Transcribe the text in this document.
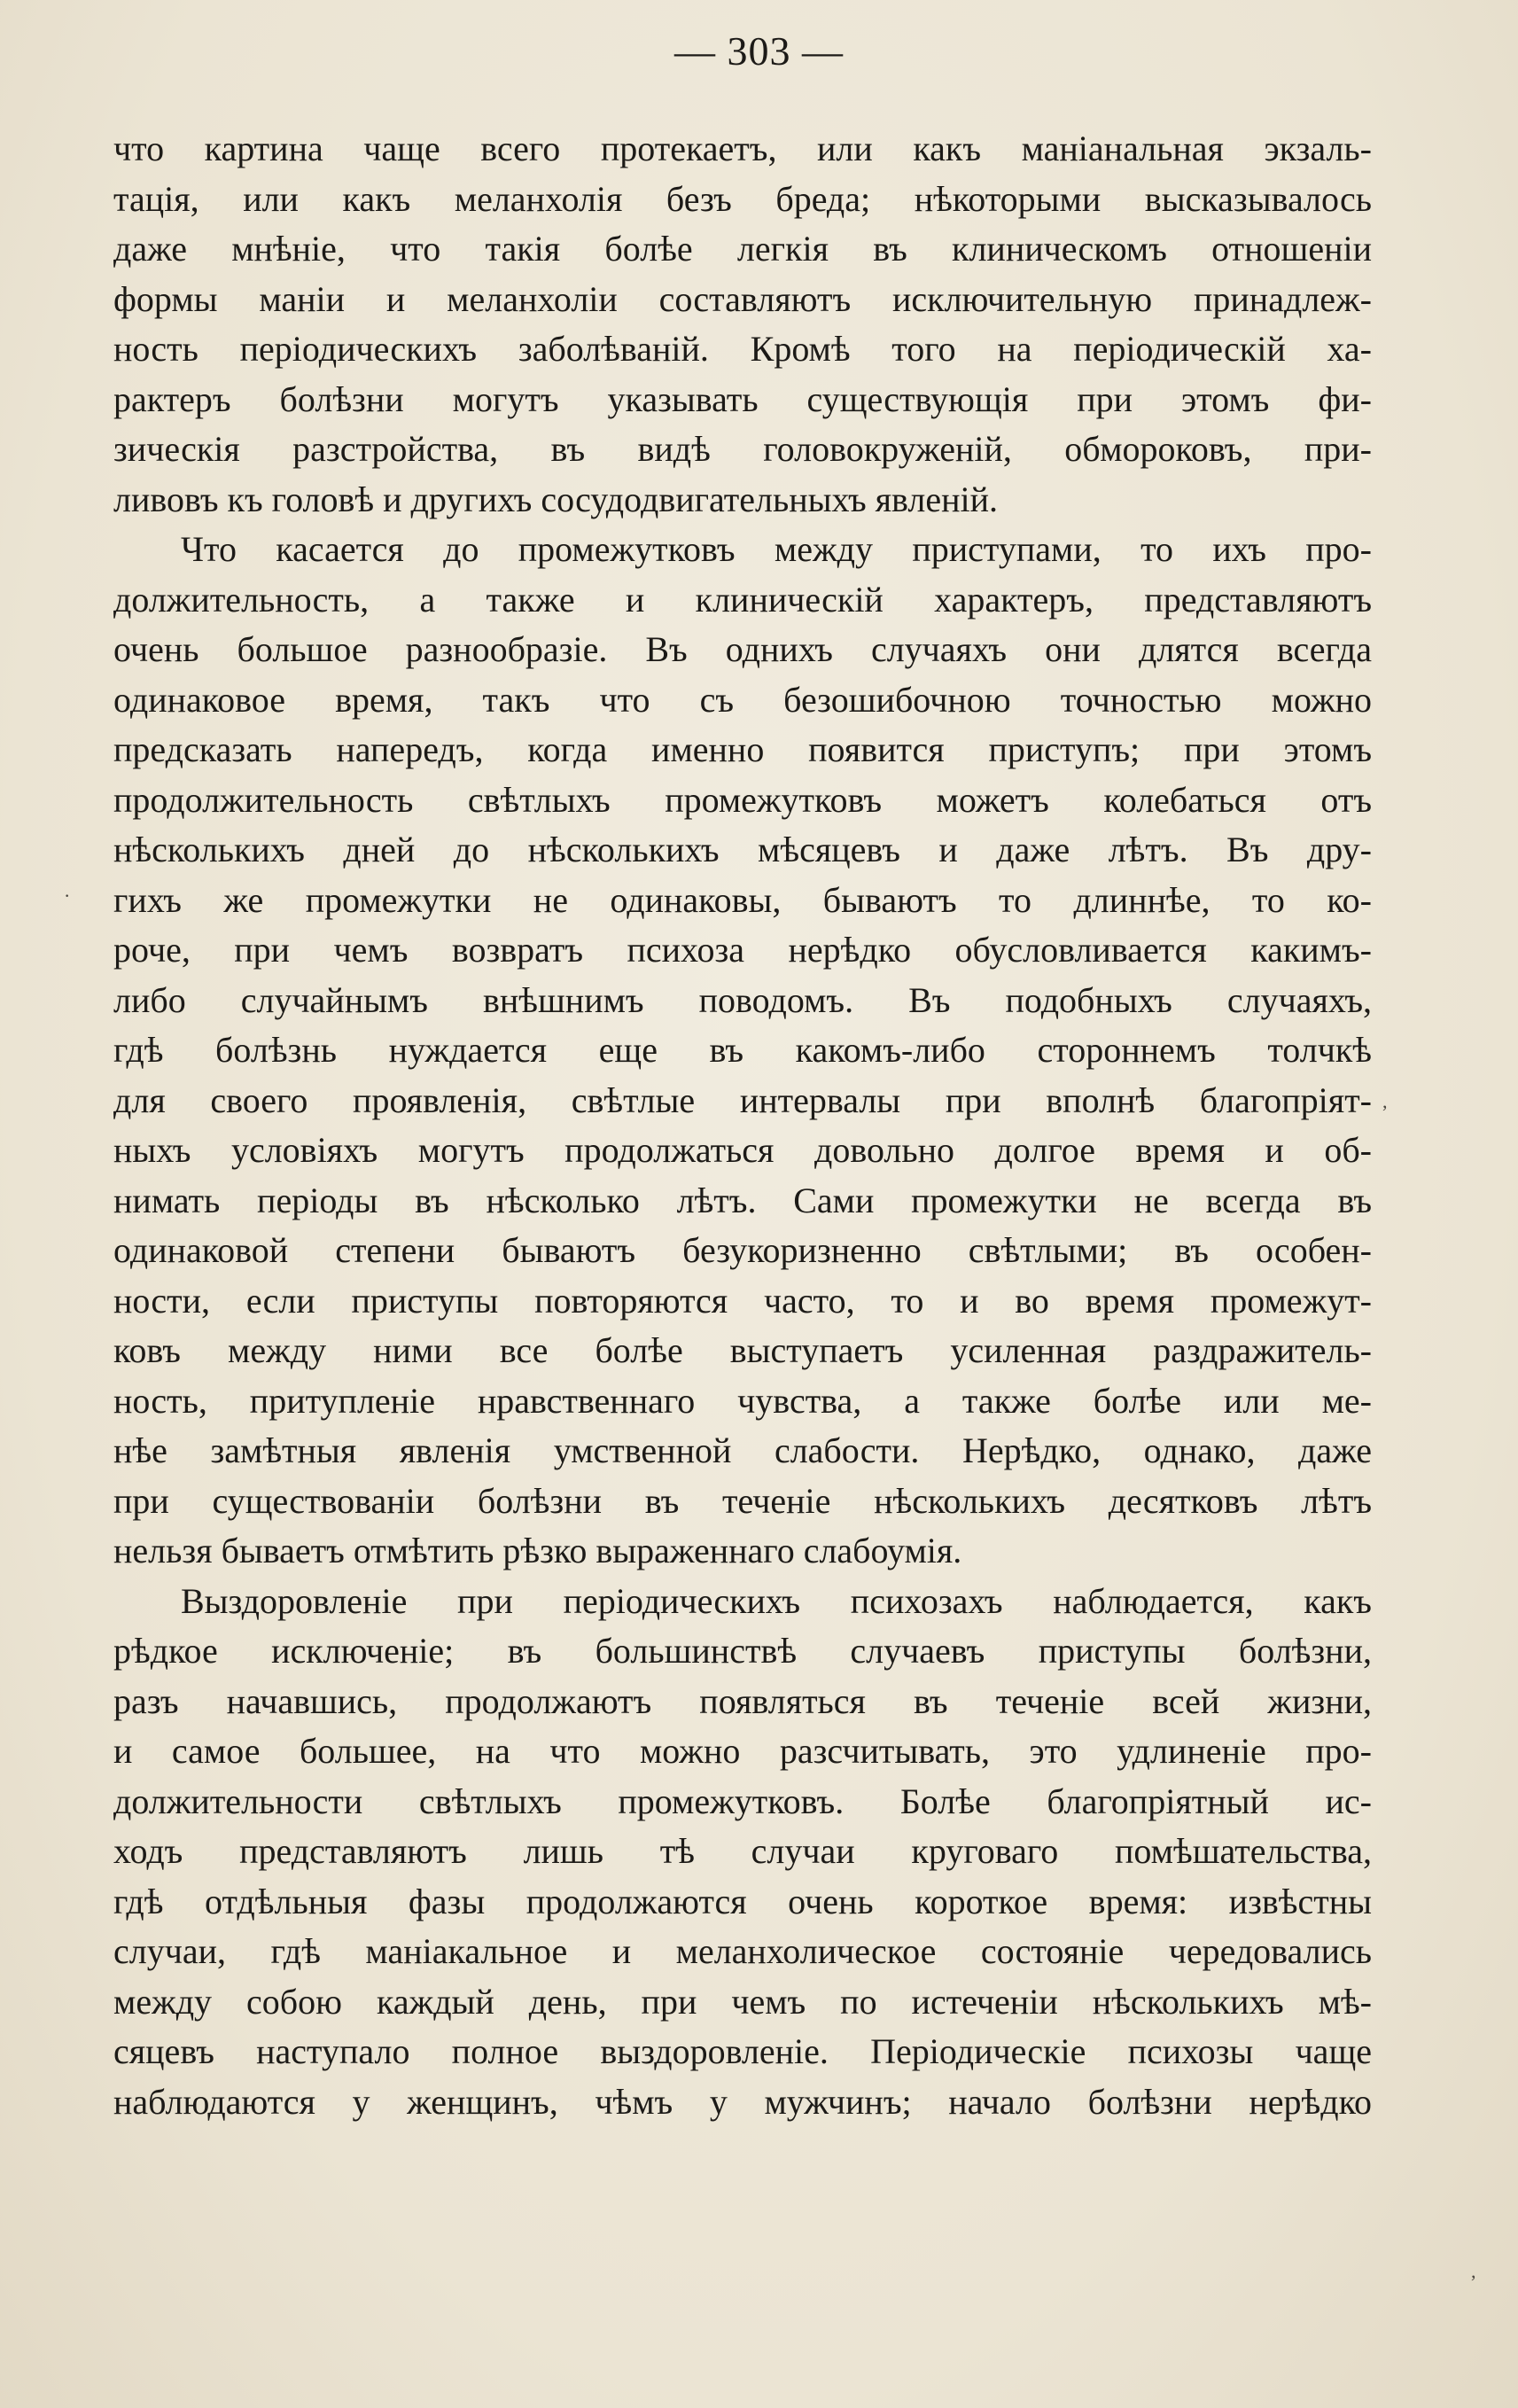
— 303 —
что картина чаще всего протекаетъ, или какъ маніанальная экзаль-
тація, или какъ меланхолія безъ бреда; нѣкоторыми высказывалось
даже мнѣніе, что такія болѣе легкія въ клиническомъ отношеніи
формы маніи и меланхоліи составляютъ исключительную принадлеж-
ность періодическихъ заболѣваній. Кромѣ того на періодическій ха-
рактеръ болѣзни могутъ указывать существующія при этомъ фи-
зическія разстройства, въ видѣ головокруженій, обмороковъ, при-
ливовъ къ головѣ и другихъ сосудодвигательныхъ явленій.
Что касается до промежутковъ между приступами, то ихъ про-
должительность, а также и клиническій характеръ, представляютъ
очень большое разнообразіе. Въ однихъ случаяхъ они длятся всегда
одинаковое время, такъ что съ безошибочною точностью можно
предсказать напередъ, когда именно появится приступъ; при этомъ
продолжительность свѣтлыхъ промежутковъ можетъ колебаться отъ
нѣсколькихъ дней до нѣсколькихъ мѣсяцевъ и даже лѣтъ. Въ дру-
гихъ же промежутки не одинаковы, бываютъ то длиннѣе, то ко-
роче, при чемъ возвратъ психоза нерѣдко обусловливается какимъ-
либо случайнымъ внѣшнимъ поводомъ. Въ подобныхъ случаяхъ,
гдѣ болѣзнь нуждается еще въ какомъ-либо стороннемъ толчкѣ
для своего проявленія, свѣтлые интервалы при вполнѣ благопріят-
ныхъ условіяхъ могутъ продолжаться довольно долгое время и об-
нимать періоды въ нѣсколько лѣтъ. Сами промежутки не всегда въ
одинаковой степени бываютъ безукоризненно свѣтлыми; въ особен-
ности, если приступы повторяются часто, то и во время промежут-
ковъ между ними все болѣе выступаетъ усиленная раздражитель-
ность, притупленіе нравственнаго чувства, а также болѣе или ме-
нѣе замѣтныя явленія умственной слабости. Нерѣдко, однако, даже
при существованіи болѣзни въ теченіе нѣсколькихъ десятковъ лѣтъ
нельзя бываетъ отмѣтить рѣзко выраженнаго слабоумія.
Выздоровленіе при періодическихъ психозахъ наблюдается, какъ
рѣдкое исключеніе; въ большинствѣ случаевъ приступы болѣзни,
разъ начавшись, продолжаютъ появляться въ теченіе всей жизни,
и самое большее, на что можно разсчитывать, это удлиненіе про-
должительности свѣтлыхъ промежутковъ. Болѣе благопріятный ис-
ходъ представляютъ лишь тѣ случаи круговаго помѣшательства,
гдѣ отдѣльныя фазы продолжаются очень короткое время: извѣстны
случаи, гдѣ маніакальное и меланхолическое состояніе чередовались
между собою каждый день, при чемъ по истеченіи нѣсколькихъ мѣ-
сяцевъ наступало полное выздоровленіе. Періодическіе психозы чаще
наблюдаются у женщинъ, чѣмъ у мужчинъ; начало болѣзни нерѣдко
·
,
,
